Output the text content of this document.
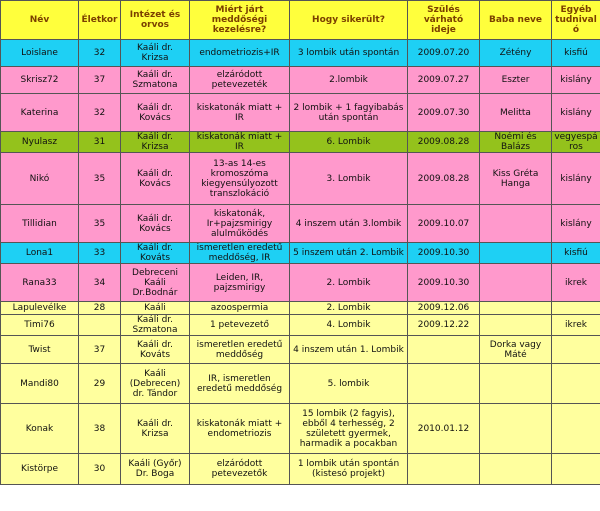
Név	Életkor	Intézet és orvos	Miért járt meddőségi kezelésre?	Hogy sikerült?	Szülés várható ideje	Baba neve	Egyéb tudnivaló
Loislane	32	Kaáli dr. Krizsa	endometriozis+IR	3 lombik után spontán	2009.07.20	Zétény	kisfiú
Skrisz72	37	Kaáli dr. Szmatona	elzáródott petevezeték	2.lombik	2009.07.27	Eszter	kislány
Katerina	32	Kaáli dr. Kovács	kiskatonák miatt + IR	2 lombik + 1 fagyibabás után spontán	2009.07.30	Melitta	kislány
Nyulasz	31	Kaáli dr. Krizsa	kiskatonák miatt + IR	6. Lombik	2009.08.28	Noémi és Balázs	vegyespáros
Nikó	35	Kaáli dr. Kovács	13-as 14-es kromoszóma kiegyensúlyozott transzlokáció	3. Lombik	2009.08.28	Kiss Gréta Hanga	kislány
Tillidian	35	Kaáli dr. Kovács	kiskatonák, Ir+pajzsmirigy alulműködés	4 inszem után 3.lombik	2009.10.07		kislány
Lona1	33	Kaáli dr. Kováts	ismeretlen eredetű meddőség, IR	5 inszem után 2. Lombik	2009.10.30		kisfiú
Rana33	34	Debreceni Kaáli Dr.Bodnár	Leiden, IR, pajzsmirigy	2. Lombik	2009.10.30		ikrek
Lapulevélke	28	Kaáli	azoospermia	2. Lombik	2009.12.06		
Timi76		Kaáli dr. Szmatona	1 petevezető	4. Lombik	2009.12.22		ikrek
Twist	37	Kaáli dr. Kováts	ismeretlen eredetű meddőség	4 inszem után 1. Lombik		Dorka vagy Máté	
Mandi80	29	Kaáli (Debrecen) dr. Tándor	IR, ismeretlen eredetű meddőség	5. lombik			
Konak	38	Kaáli dr. Krizsa	kiskatonák miatt + endometriozis	15 lombik (2 fagyis), ebből 4 terhesség, 2 született gyermek, harmadik a pocakban	2010.01.12		
Kistörpe	30	Kaáli (Győr) Dr. Boga	elzáródott petevezetők	1 lombik után spontán (kistesó projekt)			
